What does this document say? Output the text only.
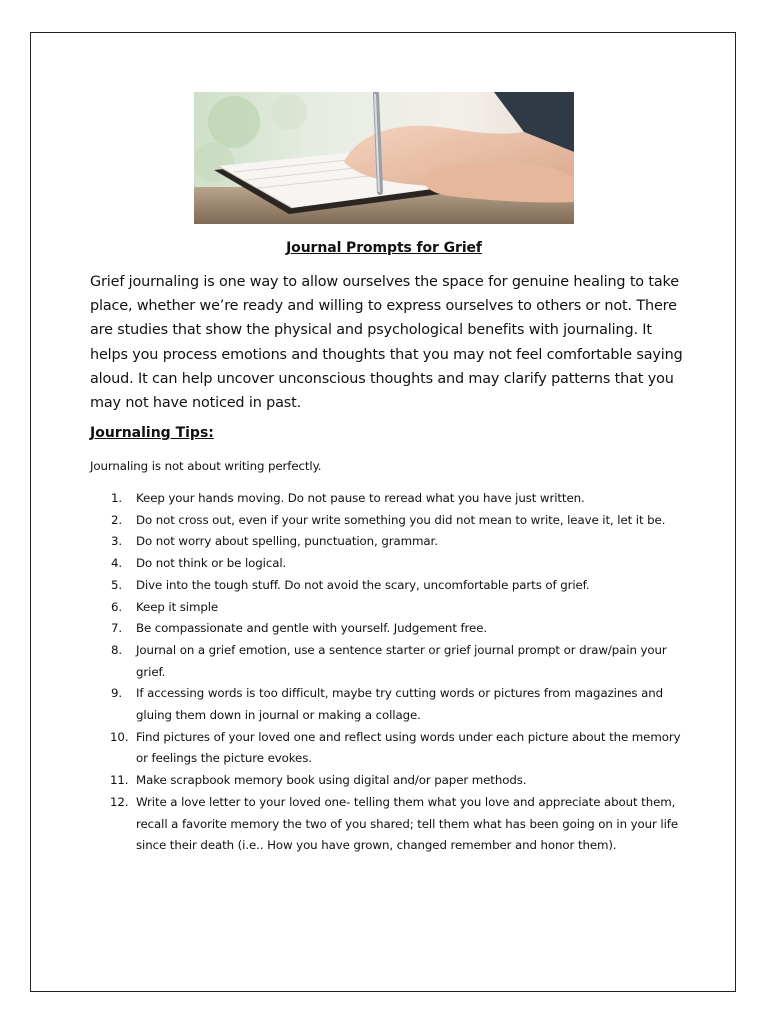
Journal Prompts for Grief

Grief journaling is one way to allow ourselves the space for genuine healing to take place, whether we’re ready and willing to express ourselves to others or not. There are studies that show the physical and psychological benefits with journaling. It helps you process emotions and thoughts that you may not feel comfortable saying aloud. It can help uncover unconscious thoughts and may clarify patterns that you may not have noticed in past.

Journaling Tips:
Journaling is not about writing perfectly.
1.	Keep your hands moving. Do not pause to reread what you have just written.
2.	Do not cross out, even if your write something you did not mean to write, leave it, let it be.
3.	Do not worry about spelling, punctuation, grammar.
4.	Do not think or be logical.
5.	Dive into the tough stuff. Do not avoid the scary, uncomfortable parts of grief.
6.	Keep it simple
7.	Be compassionate and gentle with yourself. Judgement free.
8.	Journal on a grief emotion, use a sentence starter or grief journal prompt or draw/pain your grief.
9.	If accessing words is too difficult, maybe try cutting words or pictures from magazines and gluing them down in journal or making a collage.
10. Find pictures of your loved one and reflect using words under each picture about the memory or feelings the picture evokes.
11. Make scrapbook memory book using digital and/or paper methods.
12. Write a love letter to your loved one- telling them what you love and appreciate about them, recall a favorite memory the two of you shared; tell them what has been going on in your life since their death (i.e.. How you have grown, changed remember and honor them).
